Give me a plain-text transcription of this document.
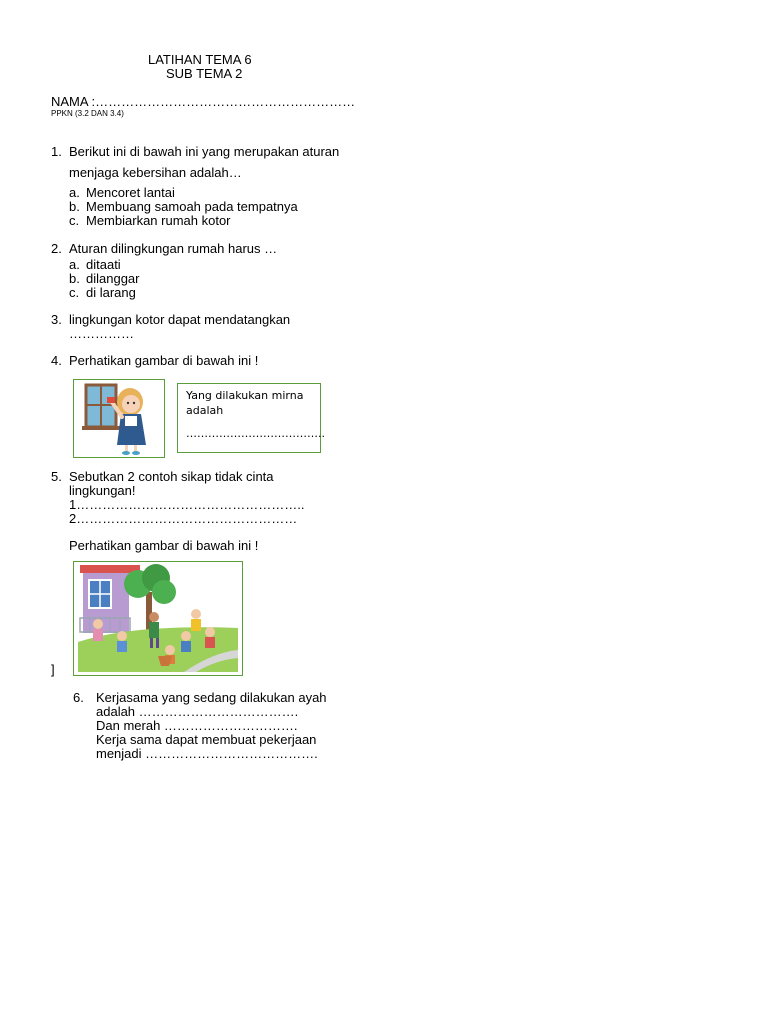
LATIHAN TEMA 6
SUB TEMA 2
NAMA :……………………………………………………
PPKN (3.2 DAN 3.4)
1. Berikut ini di bawah ini yang merupakan aturan
menjaga kebersihan adalah…
a. Mencoret lantai
b. Membuang samoah pada tempatnya
c. Membiarkan rumah kotor
2. Aturan dilingkungan rumah harus …
a. ditaati
b. dilanggar
c. di larang
3. lingkungan kotor dapat mendatangkan
……………
4. Perhatikan gambar di bawah ini !
Yang dilakukan mirna
adalah
………………………………..
5. Sebutkan 2 contoh sikap tidak cinta
lingkungan!
1……………………………………………..
2……………………………………………
Perhatikan gambar di bawah ini !
]
6. Kerjasama yang sedang dilakukan ayah
adalah ……………………………….
Dan merah ………………………….
Kerja sama dapat membuat pekerjaan
menjadi ………………………………….
